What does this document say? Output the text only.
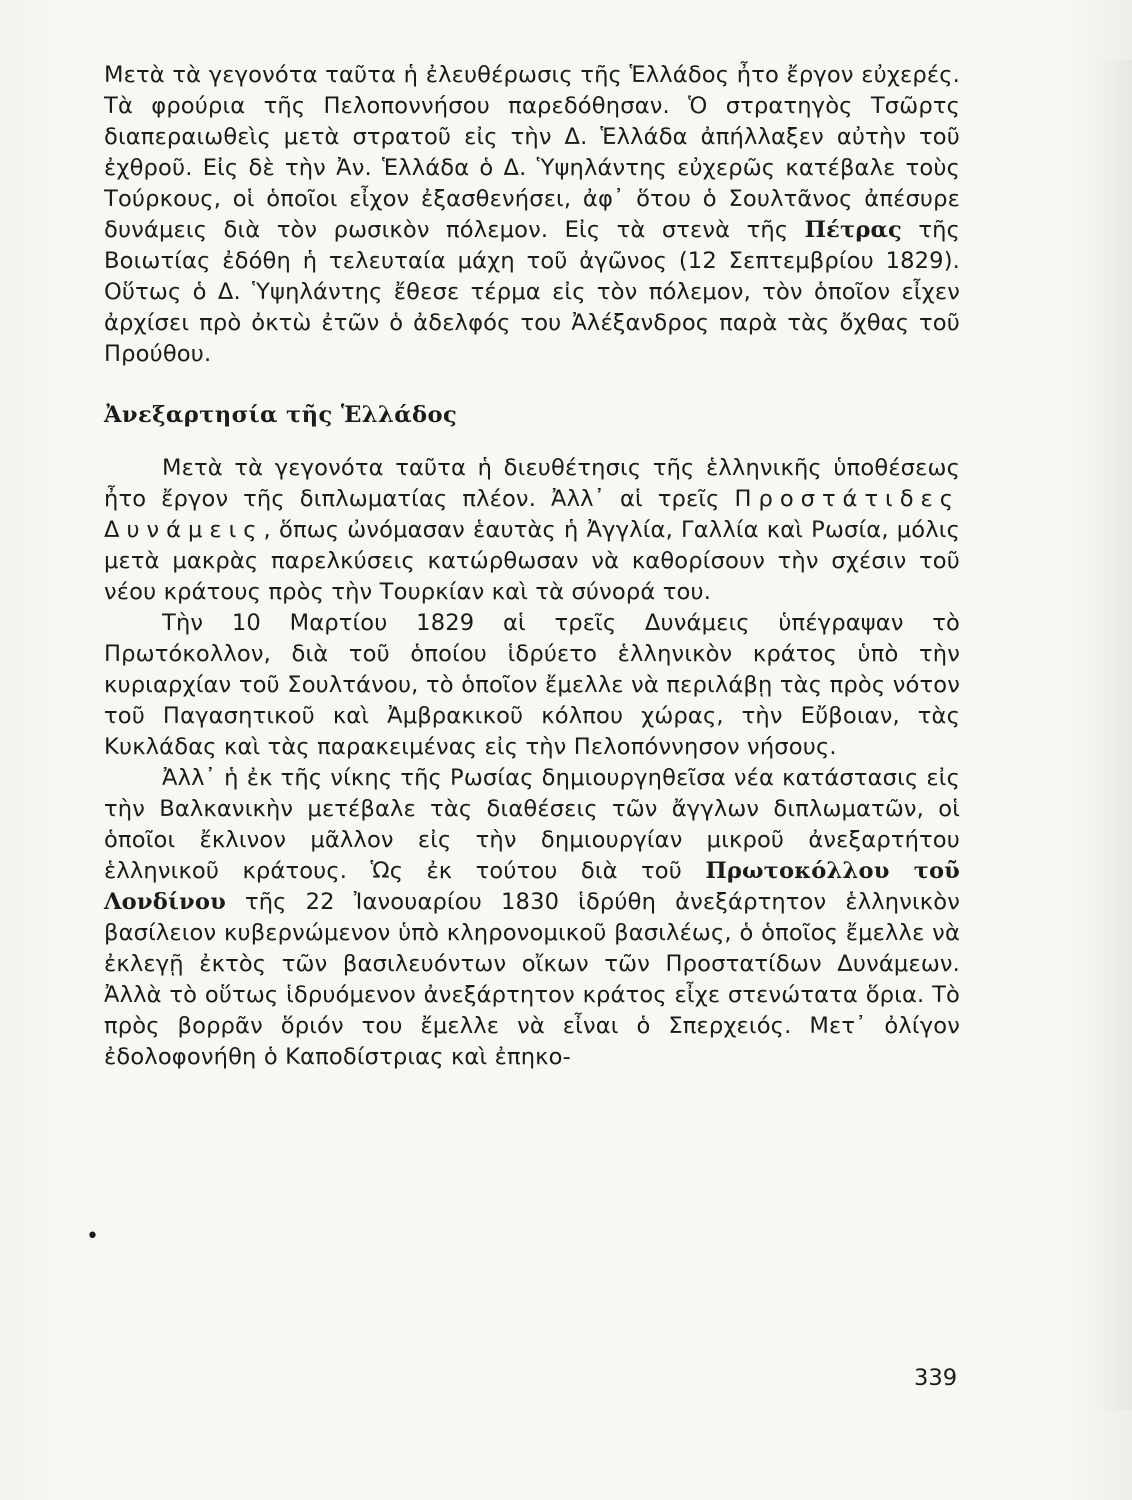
Μετὰ τὰ γεγονότα ταῦτα ἡ ἐλευθέρωσις τῆς Ἑλλάδος ἦτο ἔργον εὐχερές. Τὰ φρούρια τῆς Πελοποννήσου παρεδόθησαν. Ὁ στρατηγὸς Τσῶρτς διαπεραιωθεὶς μετὰ στρατοῦ εἰς τὴν Δ. Ἑλλάδα ἀπήλλαξεν αὐτὴν τοῦ ἐχθροῦ. Εἰς δὲ τὴν Ἀν. Ἑλλάδα ὁ Δ. Ὑψηλάντης εὐχερῶς κατέβαλε τοὺς Τούρκους, οἱ ὁποῖοι εἶχον ἐξασθενήσει, ἀφ᾽ ὅτου ὁ Σουλτᾶνος ἀπέσυρε δυνάμεις διὰ τὸν ρωσικὸν πόλεμον. Εἰς τὰ στενὰ τῆς Πέτρας τῆς Βοιωτίας ἐδόθη ἡ τελευταία μάχη τοῦ ἀγῶνος (12 Σεπτεμβρίου 1829). Οὕτως ὁ Δ. Ὑψηλάντης ἔθεσε τέρμα εἰς τὸν πόλεμον, τὸν ὁποῖον εἶχεν ἀρχίσει πρὸ ὀκτὼ ἐτῶν ὁ ἀδελφός του Ἀλέξανδρος παρὰ τὰς ὄχθας τοῦ Προύθου.

Ἀνεξαρτησία τῆς Ἑλλάδος

Μετὰ τὰ γεγονότα ταῦτα ἡ διευθέτησις τῆς ἑλληνικῆς ὑποθέσεως ἦτο ἔργον τῆς διπλωματίας πλέον. Ἀλλ᾽ αἱ τρεῖς Προστάτιδες Δυνάμεις, ὅπως ὠνόμασαν ἑαυτὰς ἡ Ἀγγλία, Γαλλία καὶ Ρωσία, μόλις μετὰ μακρὰς παρελκύσεις κατώρθωσαν νὰ καθορίσουν τὴν σχέσιν τοῦ νέου κράτους πρὸς τὴν Τουρκίαν καὶ τὰ σύνορά του.

Τὴν 10 Μαρτίου 1829 αἱ τρεῖς Δυνάμεις ὑπέγραψαν τὸ Πρωτόκολλον, διὰ τοῦ ὁποίου ἱδρύετο ἑλληνικὸν κράτος ὑπὸ τὴν κυριαρχίαν τοῦ Σουλτάνου, τὸ ὁποῖον ἔμελλε νὰ περιλάβῃ τὰς πρὸς νότον τοῦ Παγασητικοῦ καὶ Ἀμβρακικοῦ κόλπου χώρας, τὴν Εὔβοιαν, τὰς Κυκλάδας καὶ τὰς παρακειμένας εἰς τὴν Πελοπόννησον νήσους.

Ἀλλ᾽ ἡ ἐκ τῆς νίκης τῆς Ρωσίας δημιουργηθεῖσα νέα κατάστασις εἰς τὴν Βαλκανικὴν μετέβαλε τὰς διαθέσεις τῶν ἄγγλων διπλωματῶν, οἱ ὁποῖοι ἔκλινον μᾶλλον εἰς τὴν δημιουργίαν μικροῦ ἀνεξαρτήτου ἑλληνικοῦ κράτους. Ὡς ἐκ τούτου διὰ τοῦ Πρωτοκόλλου τοῦ Λονδίνου τῆς 22 Ἰανουαρίου 1830 ἱδρύθη ἀνεξάρτητον ἑλληνικὸν βασίλειον κυβερνώμενον ὑπὸ κληρονομικοῦ βασιλέως, ὁ ὁποῖος ἔμελλε νὰ ἐκλεγῇ ἐκτὸς τῶν βασιλευόντων οἴκων τῶν Προστατίδων Δυνάμεων. Ἀλλὰ τὸ οὕτως ἱδρυόμενον ἀνεξάρτητον κράτος εἶχε στενώτατα ὅρια. Τὸ πρὸς βορρᾶν ὅριόν του ἔμελλε νὰ εἶναι ὁ Σπερχειός. Μετ᾽ ὀλίγον ἐδολοφονήθη ὁ Καποδίστριας καὶ ἐπηκο-

•
339
